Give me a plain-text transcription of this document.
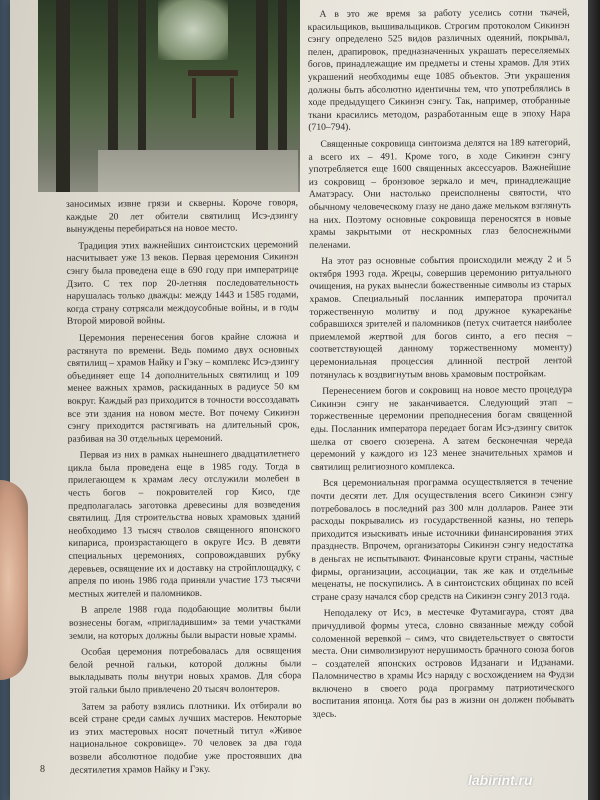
заносимых извне грязи и скверны. Короче говоря, каждые 20 лет обители святилищ Исэ-дзингу вынуждены перебираться на новое место.

Традиция этих важнейших синтоистских церемоний насчитывает уже 13 веков. Первая церемония Сикинэн сэнгу была проведена еще в 690 году при императрице Дзито. С тех пор 20-летняя последовательность нарушалась только дважды: между 1443 и 1585 годами, когда страну сотрясали междоусобные войны, и в годы Второй мировой войны.

Церемония перенесения богов крайне сложна и растянута по времени. Ведь помимо двух основных святилищ – храмов Найку и Гэку – комплекс Исэ-дзингу объединяет еще 14 дополнительных святилищ и 109 менее важных храмов, раскиданных в радиусе 50 км вокруг. Каждый раз приходится в точности воссоздавать все эти здания на новом месте. Вот почему Сикинэн сэнгу приходится растягивать на длительный срок, разбивая на 30 отдельных церемоний.

Первая из них в рамках нынешнего двадцатилетнего цикла была проведена еще в 1985 году. Тогда в прилегающем к храмам лесу отслужили молебен в честь богов – покровителей гор Кисо, где предполагалась заготовка древесины для возведения святилищ. Для строительства новых храмовых зданий необходимо 13 тысяч стволов священного японского кипариса, произрастающего в округе Исэ. В девяти специальных церемониях, сопровождавших рубку деревьев, освящение их и доставку на стройплощадку, с апреля по июнь 1986 года приняли участие 173 тысячи местных жителей и паломников.

В апреле 1988 года подобающие молитвы были вознесены богам, «пригладившим» за теми участками земли, на которых должны были вырасти новые храмы.

Особая церемония потребовалась для освящения белой речной гальки, которой должны были выкладывать полы внутри новых храмов. Для сбора этой гальки было привлечено 20 тысяч волонтеров.

Затем за работу взялись плотники. Их отбирали во всей стране среди самых лучших мастеров. Некоторые из этих мастеровых носят почетный титул «Живое национальное сокровище». 70 человек за два года возвели абсолютное подобие уже простоявших два десятилетия храмов Найку и Гэку.

А в это же время за работу уселись сотни ткачей, красильщиков, вышивальщиков. Строгим протоколом Сикинэн сэнгу определено 525 видов различных одеяний, покрывал, пелен, драпировок, предназначенных украшать переселяемых богов, принадлежащие им предметы и стены храмов. Для этих украшений необходимы еще 1085 объектов. Эти украшения должны быть абсолютно идентичны тем, что употреблялись в ходе предыдущего Сикинэн сэнгу. Так, например, отобранные ткани красились методом, разработанным еще в эпоху Нара (710–794).

Священные сокровища синтоизма делятся на 189 категорий, а всего их – 491. Кроме того, в ходе Сикинэн сэнгу употребляется еще 1600 священных аксессуаров. Важнейшие из сокровищ – бронзовое зеркало и меч, принадлежащие Аматэрасу. Они настолько преисполнены святости, что обычному человеческому глазу не дано даже мельком взглянуть на них. Поэтому основные сокровища переносятся в новые храмы закрытыми от нескромных глаз белоснежными пеленами.

На этот раз основные события происходили между 2 и 5 октября 1993 года. Жрецы, совершив церемонию ритуального очищения, на руках вынесли божественные символы из старых храмов. Специальный посланник императора прочитал торжественную молитву и под дружное кукареканье собравшихся зрителей и паломников (петух считается наиболее приемлемой жертвой для богов синто, а его песня – соответствующей данному торжественному моменту) церемониальная процессия длинной пестрой лентой потянулась к воздвигнутым вновь храмовым постройкам.

Перенесением богов и сокровищ на новое место процедура Сикинэн сэнгу не заканчивается. Следующий этап – торжественные церемонии преподнесения богам священной еды. Посланник императора передает богам Исэ-дзингу свиток шелка от своего сюзерена. А затем бесконечная череда церемоний у каждого из 123 менее значительных храмов и святилищ религиозного комплекса.

Вся церемониальная программа осуществляется в течение почти десяти лет. Для осуществления всего Сикинэн сэнгу потребовалось в последний раз 300 млн долларов. Ранее эти расходы покрывались из государственной казны, но теперь приходится изыскивать иные источники финансирования этих празднеств. Впрочем, организаторы Сикинэн сэнгу недостатка в деньгах не испытывают. Финансовые круги страны, частные фирмы, организации, ассоциации, так же как и отдельные меценаты, не поскупились. А в синтоистских общинах по всей стране сразу начался сбор средств на Сикинэн сэнгу 2013 года.

Неподалеку от Исэ, в местечке Футамигаура, стоят два причудливой формы утеса, словно связанные между собой соломенной веревкой – симэ, что свидетельствует о святости места. Они символизируют нерушимость брачного союза богов – создателей японских островов Идзанаги и Идзанами. Паломничество в храмы Исэ наряду с восхождением на Фудзи включено в своего рода программу патриотического воспитания японца. Хотя бы раз в жизни он должен побывать здесь.

8
labirint.ru
